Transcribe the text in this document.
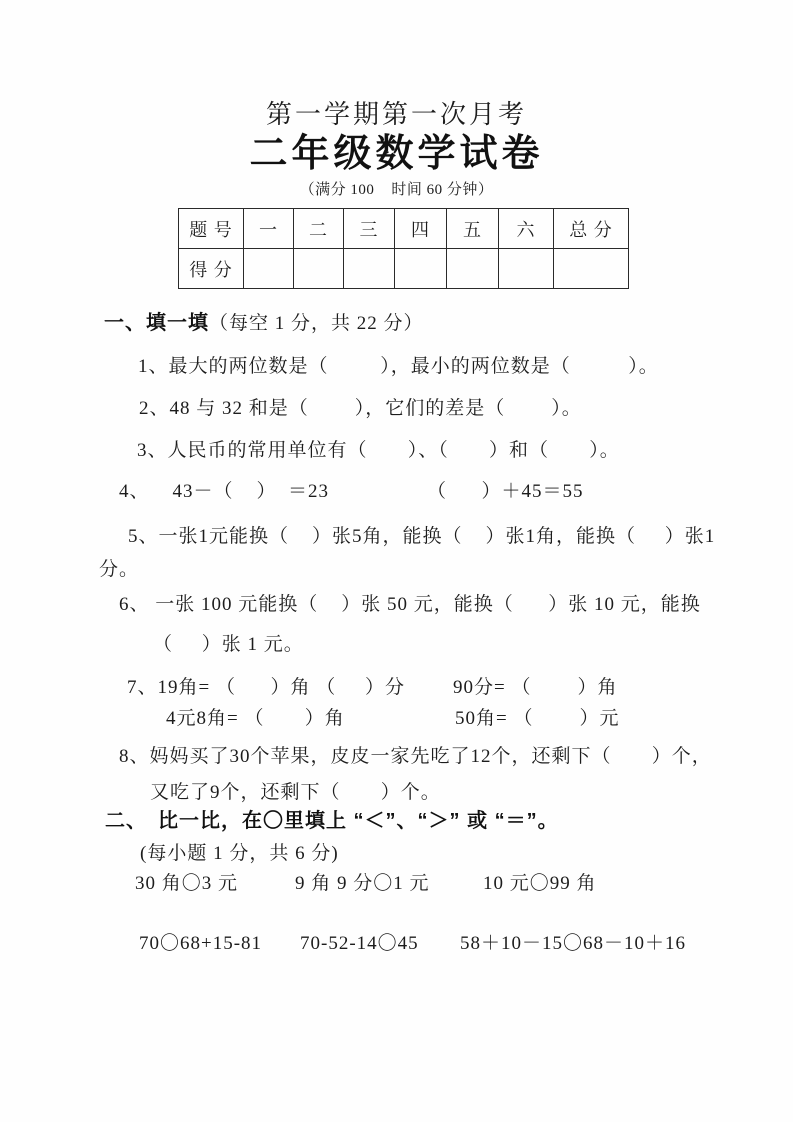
第一学期第一次月考
二年级数学试卷
（满分 100    时间 60 分钟）
题 号	一	二	三	四	五	六	总 分
得 分							
一、填一填（每空 1 分，共 22 分）
1、最大的两位数是（         ），最小的两位数是（          ）。
2、48 与 32 和是（        ），它们的差是（        ）。
3、人民币的常用单位有（       ）、（       ）和（       ）。
4、    43－（    ）  ＝23	（      ）＋45＝55
5、一张1元能换（    ）张5角，能换（    ）张1角，能换（     ）张1
分。
6、 一张 100 元能换（    ）张 50 元，能换（      ）张 10 元，能换
（     ）张 1 元。
7、19角= （      ）角 （     ）分	90分= （        ）角
4元8角= （       ）角	50角= （        ）元
8、妈妈买了30个苹果，皮皮一家先吃了12个，还剩下（       ）个，
又吃了9个，还剩下（       ）个。
二、　比一比，在〇里填上 “＜”、“＞” 或 “＝”。
(每小题 1 分，共 6 分)
30 角〇3 元	9 角 9 分〇1 元	10 元〇99 角
70〇68+15-81 70-52-14〇45 58＋10－15〇68－10＋16
